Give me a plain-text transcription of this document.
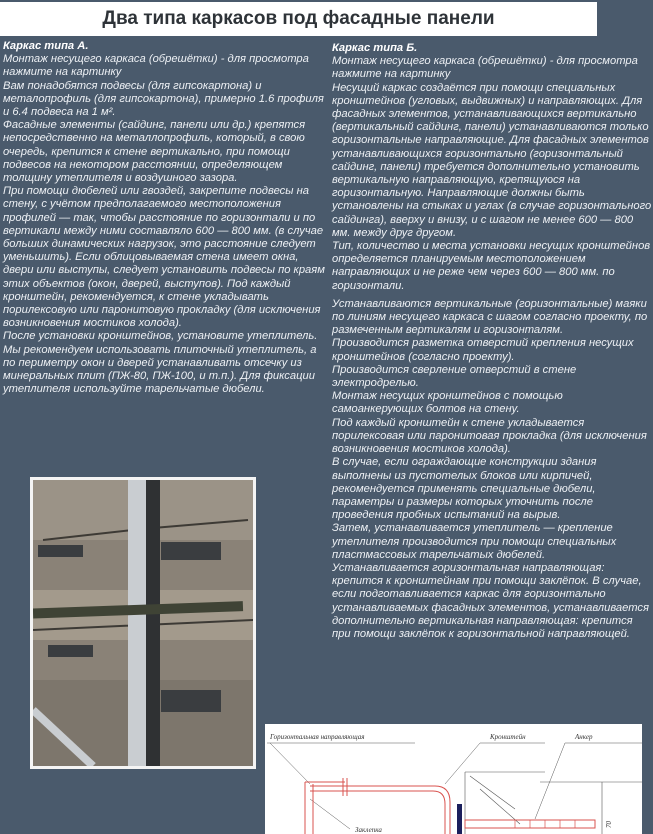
Два типа каркасов под фасадные панели

Каркас типа А.

Монтаж несущего каркаса (обрешётки) - для просмотра нажмите на картинку

Вам понадобятся подвесы (для гипсокартона) и металопрофиль (для гипсокартона), примерно 1.6 профиля и 6.4 подвеса на 1 м².

Фасадные элементы (сайдинг, панели или др.) крепятся непосредственно на металлопрофиль, который, в свою очередь, крепится к стене вертикально, при помощи подвесов на некотором расстоянии, определяющем толщину утеплителя и воздушного зазора.

При помощи дюбелей или гвоздей, закрепите подвесы на стену, с учётом предполагаемого местоположения профилей — так, чтобы расстояние по горизонтали и по вертикали между ними составляло 600 — 800 мм. (в случае больших динамических нагрузок, это расстояние следует уменьшить). Если облицовываемая стена имеет окна, двери или выступы, следует установить подвесы по краям этих объектов (окон, дверей, выступов). Под каждый кронштейн, рекомендуется, к стене укладывать порилексовую или паронитовую прокладку (для исключения возникновения мостиков холода).

После установки кронштейнов, установите утеплитель. Мы рекомендуем использовать плиточный утеплитель, а по периметру окон и дверей устанавливать отсечку из минеральных плит (ПЖ-80, ПЖ-100, и т.п.). Для фиксации утеплителя используйте тарельчатые дюбели.

Каркас типа Б.

Монтаж несущего каркаса (обрешётки) - для просмотра нажмите на картинку

Несущий каркас создаётся при помощи специальных кронштейнов (угловых, выдвижных) и направляющих. Для фасадных элементов, устанавливающихся вертикально (вертикальный сайдинг, панели) устанавливаются только горизонтальные направляющие. Для фасадных элементов устанавливающихся горизонтально (горизонтальный сайдинг, панели) требуется дополнительно установить вертикальную направляющую, крепящуюся на горизонтальную. Направляющие должны быть установлены на стыках и углах (в случае горизонтального сайдинга), вверху и внизу, и с шагом не менее 600 — 800 мм. между друг другом.

Тип, количество и места установки несущих кронштейнов определяется планируемым местоположением направляющих и не реже чем через 600 — 800 мм. по горизонтали.

Устанавливаются вертикальные (горизонтальные) маяки по линиям несущего каркаса с шагом согласно проекту, по размеченным вертикалям и горизонталям.

Производится разметка отверстий крепления несущих кронштейнов (согласно проекту).

Производится сверление отверстий в стене электродрелью.

Монтаж несущих кронштейнов с помощью самоанкерующих болтов на стену.

Под каждый кронштейн к стене укладывается порилексовая или паронитовая прокладка (для исключения возникновения мостиков холода).

В случае, если ограждающие конструкции здания выполнены из пустотелых блоков или кирпичей, рекомендуется применять специальные дюбели, параметры и размеры которых уточнить после проведения пробных испытаний на вырыв.

Затем, устанавливается утеплитель — крепление утеплителя производится при помощи специальных пластмассовых тарельчатых дюбелей.

Устанавливается горизонтальная направляющая: крепится к кронштейнам при помощи заклёпок. В случае, если подготавливается каркас для горизонтально устанавливаемых фасадных элементов, устанавливается дополнительно вертикальная направляющая: крепится при помощи заклёпок к горизонтальной направляющей.

Горизонтальная направляющая	Кронштейн	Анкер
70
Заклепка
